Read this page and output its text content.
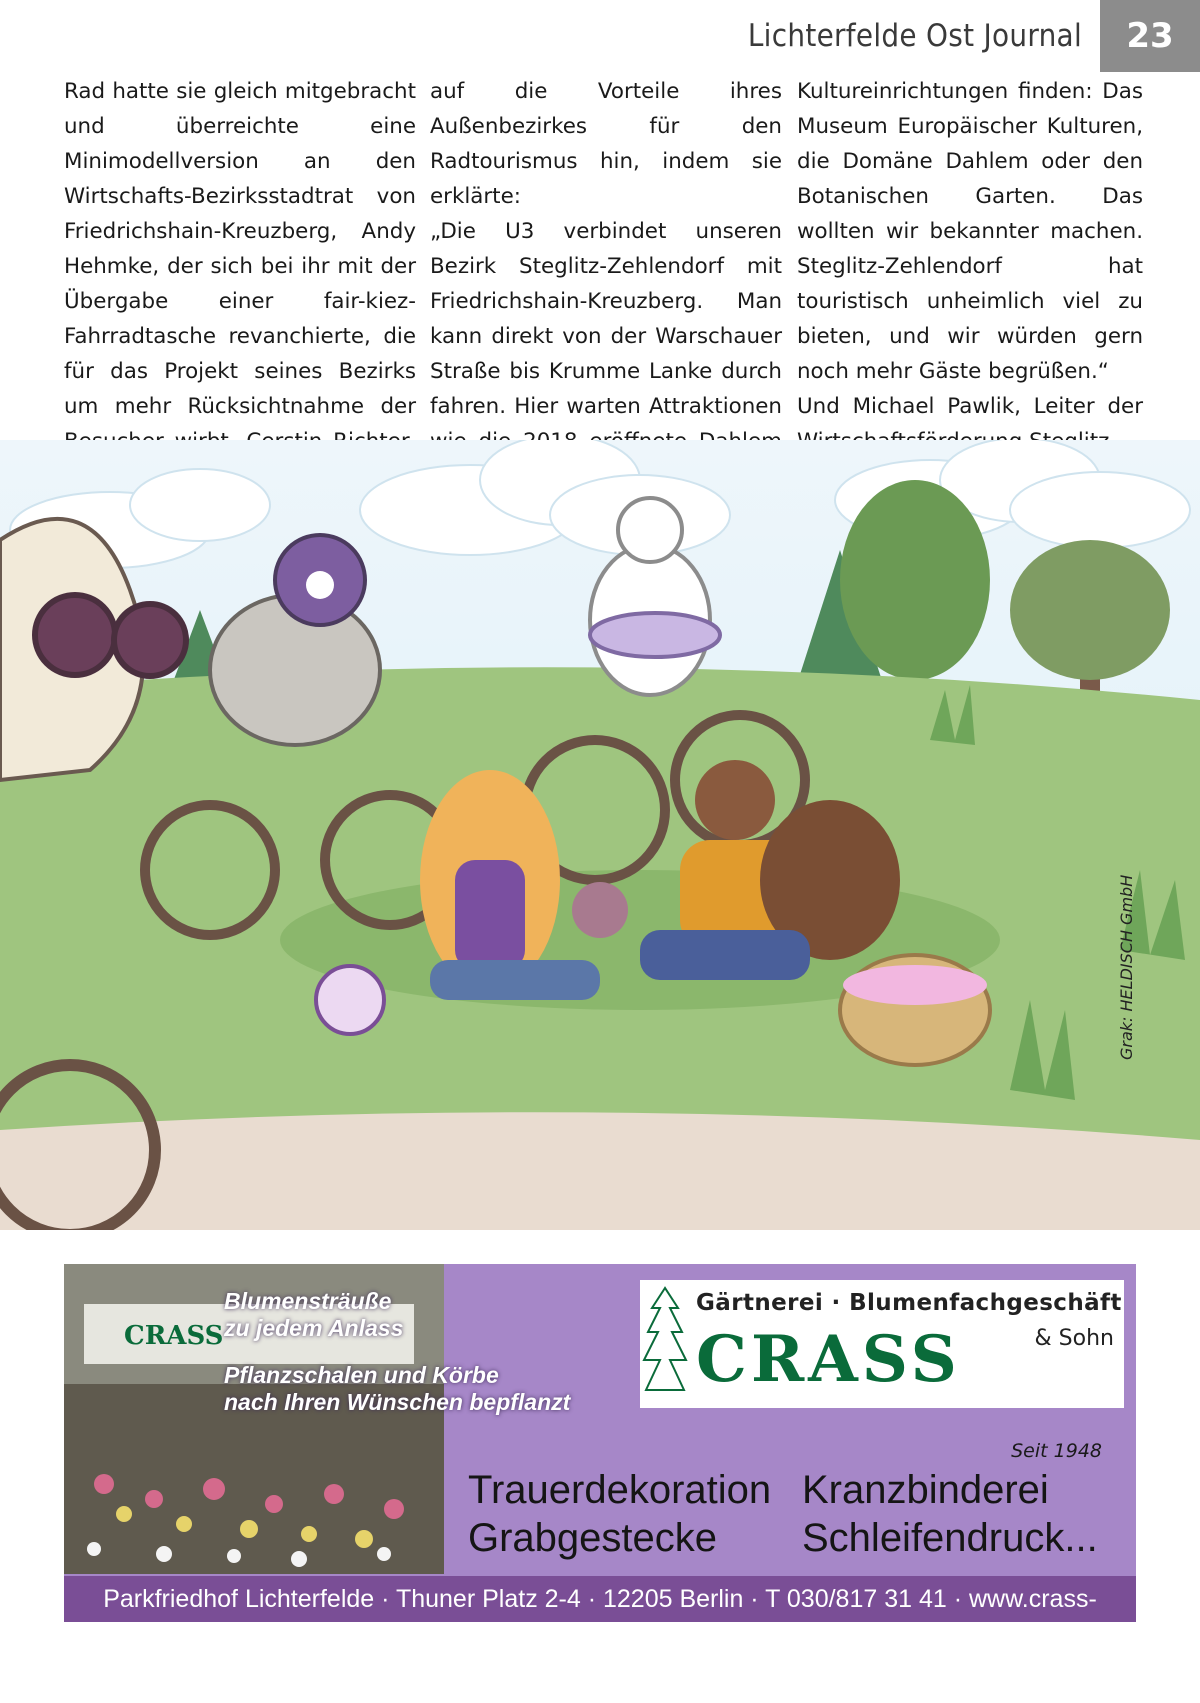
Lichterfelde Ost Journal	23

Rad hatte sie gleich mitgebracht und überreichte eine Minimodellversion an den Wirtschafts-Bezirksstadtrat von Friedrichshain-Kreuzberg, Andy Hehmke, der sich bei ihr mit der Übergabe einer fair-kiez-Fahrradtasche revanchierte, die für das Projekt seines Bezirks um mehr Rücksichtnahme der

auf die Vorteile ihres Außenbezirkes für den Radtourismus hin, indem sie erklärte:

„Die U3 verbindet unseren Bezirk Steglitz-Zehlendorf mit Friedrichshain-Kreuzberg. Man kann direkt von der Warschauer Straße bis Krumme Lanke durch fahren. Hier warten Attraktionen

Kultureinrichtungen finden: Das Museum Europäischer Kulturen, die Domäne Dahlem oder den Botanischen Garten. Das wollten wir bekannter machen. Steglitz-Zehlendorf hat touristisch unheimlich viel zu bieten, und wir würden gern noch mehr Gäste begrüßen.“

Und Michael Pawlik, Leiter der

Grak: HELDISCH GmbH
CRASS
Blumensträuße
zu jedem Anlass
Pflanzschalen und Körbe
nach Ihren Wünschen bepflanzt
Gärtnerei · Blumenfachgeschäft
CRASS	& Sohn
Seit 1948
Trauerdekoration
Grabgestecke
Kranzbinderei
Schleifendruck...
Parkfriedhof Lichterfelde · Thuner Platz 2-4 · 12205 Berlin · T 030/817 31 41 · www.crass-sohn.de
